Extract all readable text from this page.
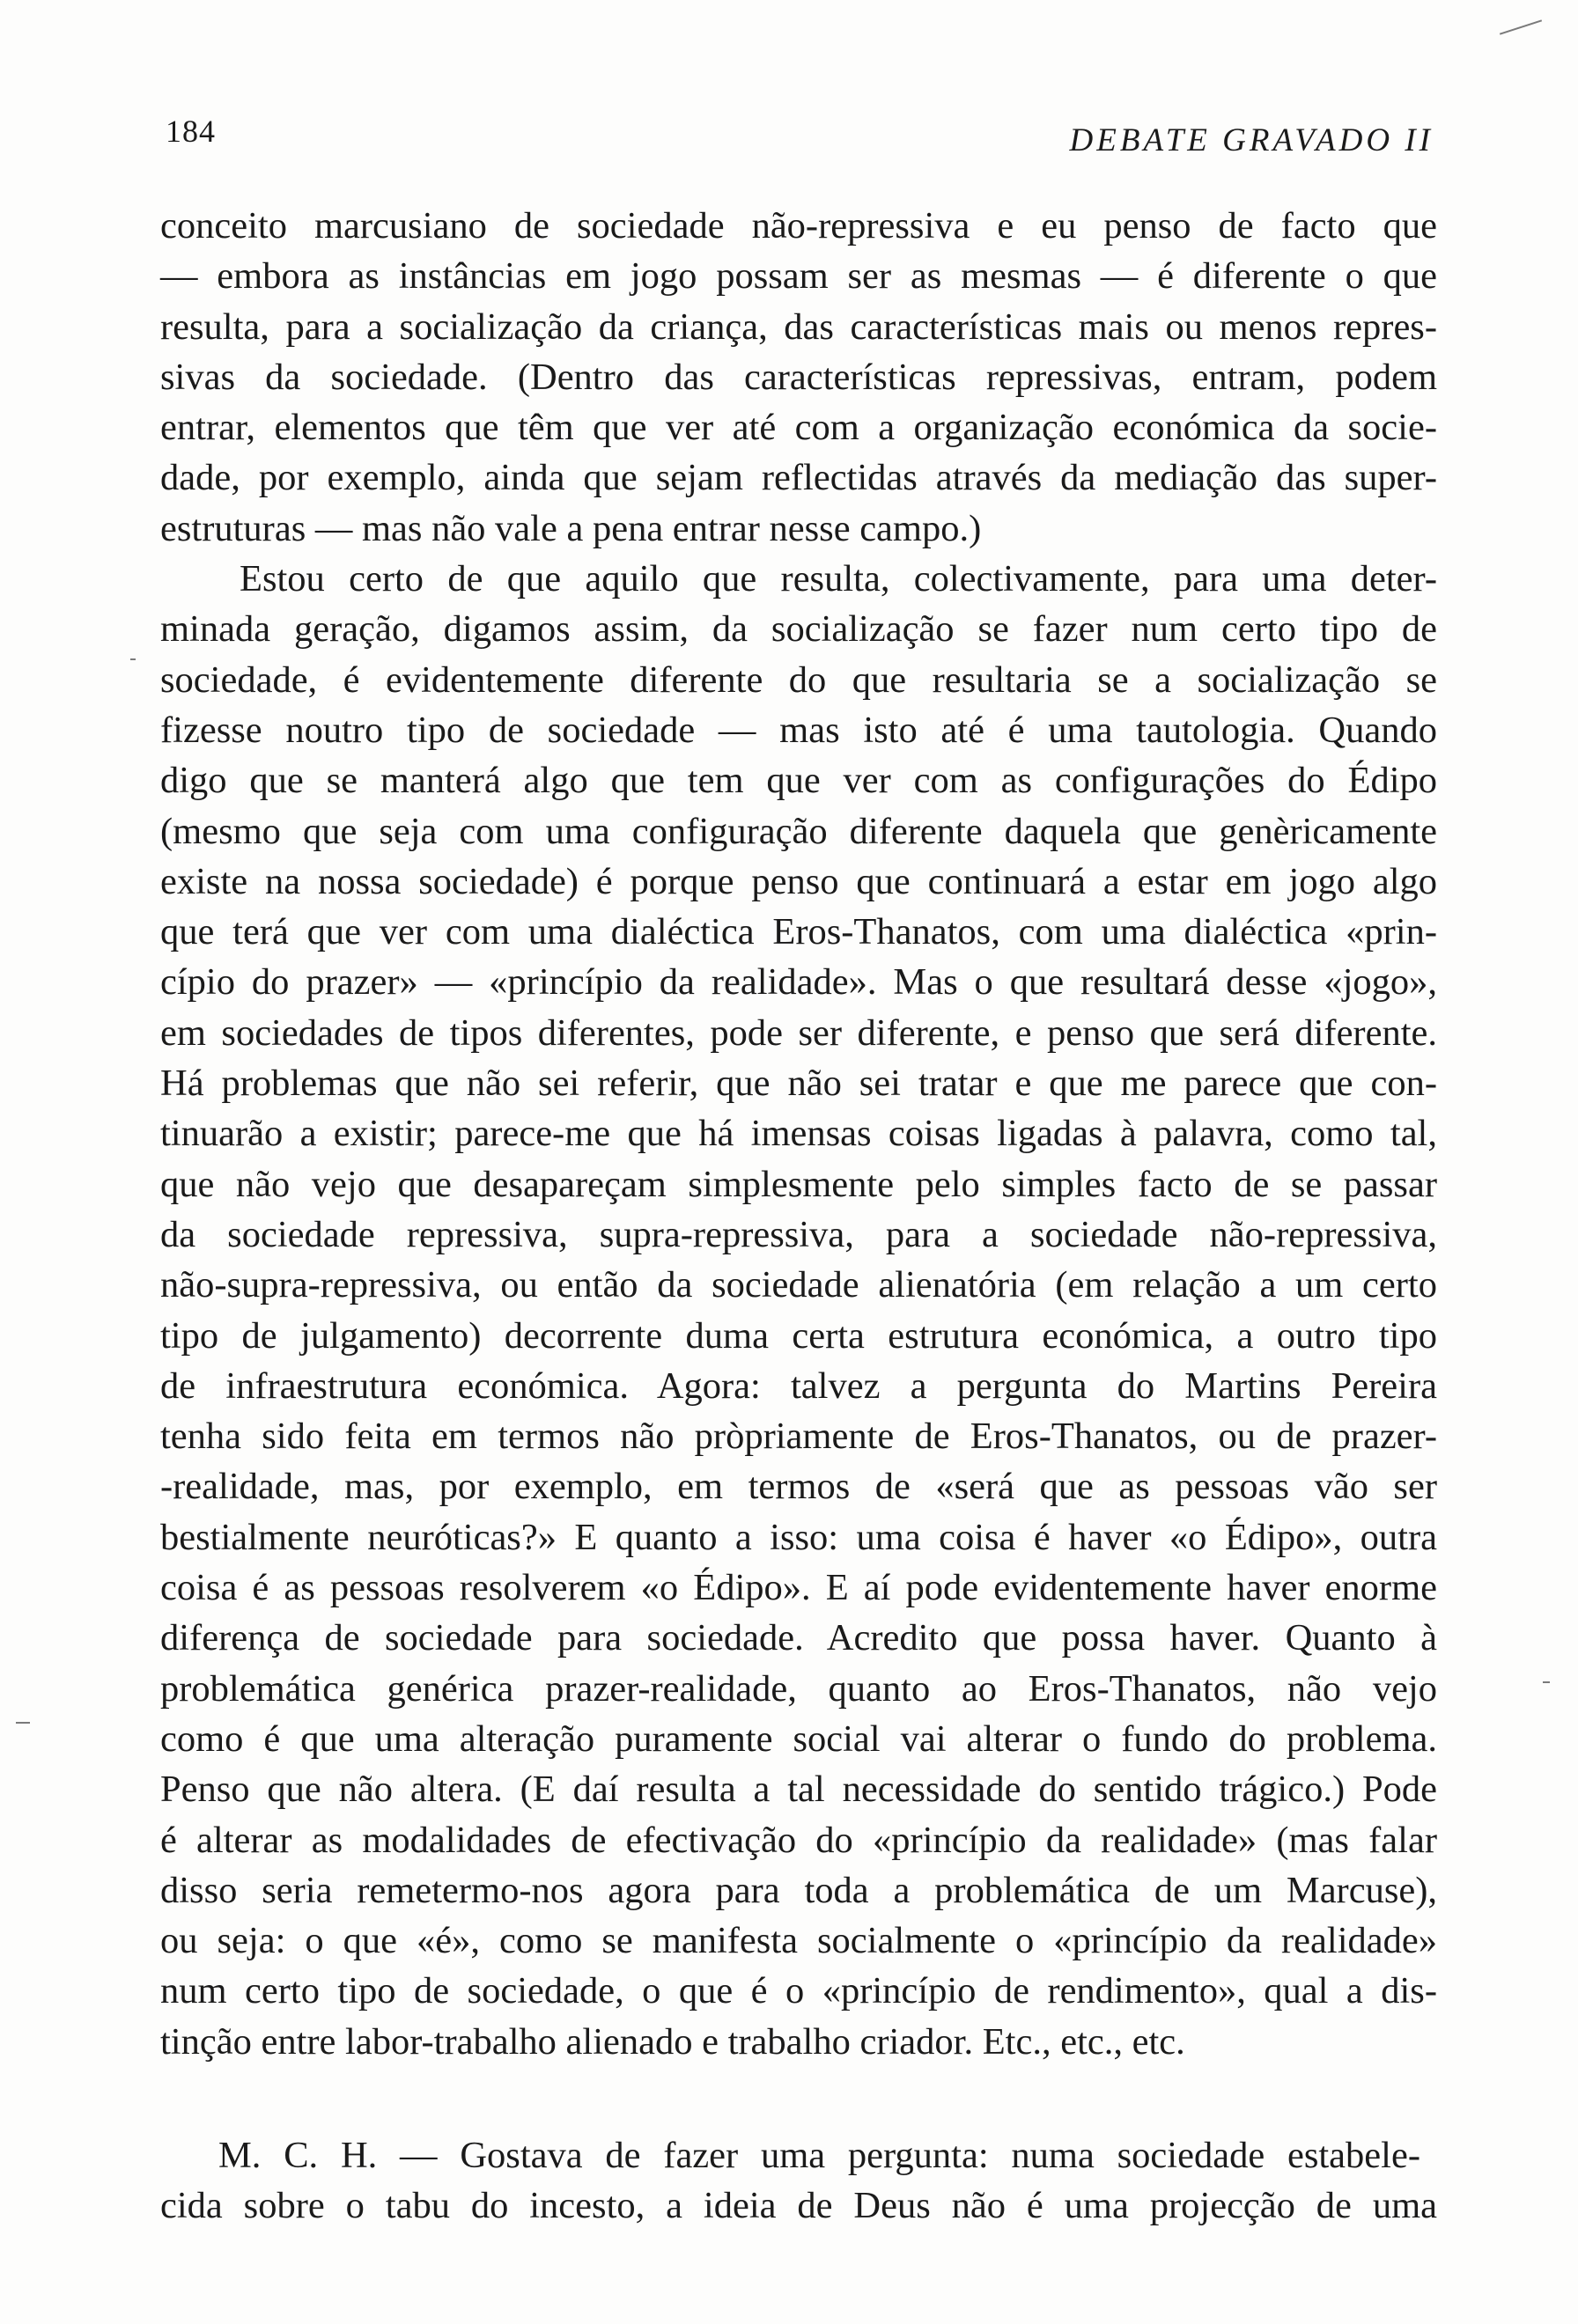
184	DEBATE GRAVADO II
conceito marcusiano de sociedade não-repressiva e eu penso de facto que
— embora as instâncias em jogo possam ser as mesmas — é diferente o que
resulta, para a socialização da criança, das características mais ou menos repres-
sivas da sociedade. (Dentro das características repressivas, entram, podem
entrar, elementos que têm que ver até com a organização económica da socie-
dade, por exemplo, ainda que sejam reflectidas através da mediação das super-
estruturas — mas não vale a pena entrar nesse campo.)
Estou certo de que aquilo que resulta, colectivamente, para uma deter-
minada geração, digamos assim, da socialização se fazer num certo tipo de
sociedade, é evidentemente diferente do que resultaria se a socialização se
fizesse noutro tipo de sociedade — mas isto até é uma tautologia. Quando
digo que se manterá algo que tem que ver com as configurações do Édipo
(mesmo que seja com uma configuração diferente daquela que genèricamente
existe na nossa sociedade) é porque penso que continuará a estar em jogo algo
que terá que ver com uma dialéctica Eros-Thanatos, com uma dialéctica «prin-
cípio do prazer» — «princípio da realidade». Mas o que resultará desse «jogo»,
em sociedades de tipos diferentes, pode ser diferente, e penso que será diferente.
Há problemas que não sei referir, que não sei tratar e que me parece que con-
tinuarão a existir; parece-me que há imensas coisas ligadas à palavra, como tal,
que não vejo que desapareçam simplesmente pelo simples facto de se passar
da sociedade repressiva, supra-repressiva, para a sociedade não-repressiva,
não-supra-repressiva, ou então da sociedade alienatória (em relação a um certo
tipo de julgamento) decorrente duma certa estrutura económica, a outro tipo
de infraestrutura económica. Agora: talvez a pergunta do Martins Pereira
tenha sido feita em termos não pròpriamente de Eros-Thanatos, ou de prazer-
-realidade, mas, por exemplo, em termos de «será que as pessoas vão ser
bestialmente neuróticas?» E quanto a isso: uma coisa é haver «o Édipo», outra
coisa é as pessoas resolverem «o Édipo». E aí pode evidentemente haver enorme
diferença de sociedade para sociedade. Acredito que possa haver. Quanto à
problemática genérica prazer-realidade, quanto ao Eros-Thanatos, não vejo
como é que uma alteração puramente social vai alterar o fundo do problema.
Penso que não altera. (E daí resulta a tal necessidade do sentido trágico.) Pode
é alterar as modalidades de efectivação do «princípio da realidade» (mas falar
disso seria remetermo-nos agora para toda a problemática de um Marcuse),
ou seja: o que «é», como se manifesta socialmente o «princípio da realidade»
num certo tipo de sociedade, o que é o «princípio de rendimento», qual a dis-
tinção entre labor-trabalho alienado e trabalho criador. Etc., etc., etc.
M. C. H. — Gostava de fazer uma pergunta: numa sociedade estabele-
cida sobre o tabu do incesto, a ideia de Deus não é uma projecção de uma
